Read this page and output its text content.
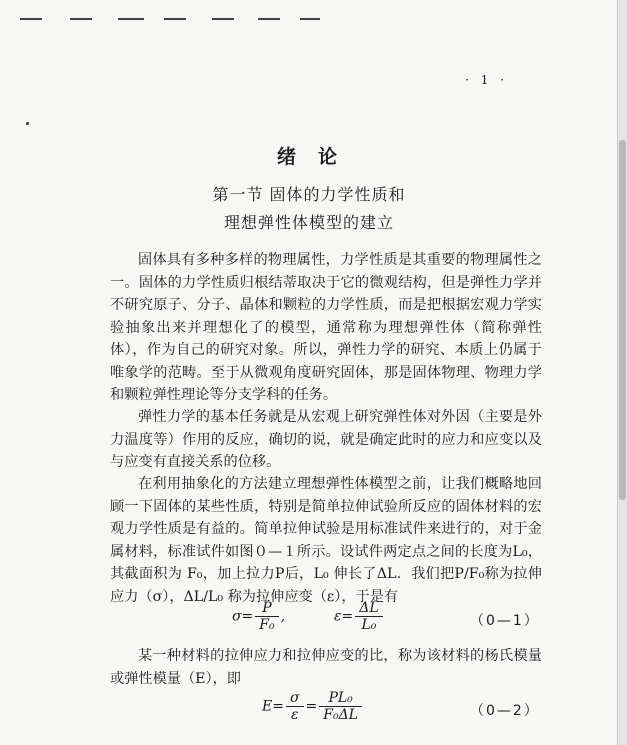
· 1 ·
绪论
第一节 固体的力学性质和
理想弹性体模型的建立

固体具有多种多样的物理属性，力学性质是其重要的物理属性之一。固体的力学性质归根结蒂取决于它的微观结构，但是弹性力学并不研究原子、分子、晶体和颗粒的力学性质，而是把根据宏观力学实验抽象出来并理想化了的模型，通常称为理想弹性体（简称弹性体），作为自己的研究对象。所以，弹性力学的研究、本质上仍属于唯象学的范畴。至于从微观角度研究固体，那是固体物理、物理力学和颗粒弹性理论等分支学科的任务。

弹性力学的基本任务就是从宏观上研究弹性体对外因（主要是外力温度等）作用的反应，确切的说，就是确定此时的应力和应变以及与应变有直接关系的位移。

在利用抽象化的方法建立理想弹性体模型之前，让我们概略地回顾一下固体的某些性质，特别是简单拉伸试验所反应的固体材料的宏观力学性质是有益的。简单拉伸试验是用标准试件来进行的，对于金属材料，标准试件如图０—１所示。设试件两定点之间的长度为L₀，其截面积为 F₀，加上拉力P后，L₀ 伸长了ΔL．我们把P/F₀称为拉伸应力（σ），ΔL/L₀ 称为拉伸应变（ε），于是有

$\sigma= \frac{P}{\text{F₀}}$ ,	$\varepsilon= \frac{\Delta L}{\text{L₀}}$	（0—1）

某一种材料的拉伸应力和拉伸应变的比，称为该材料的杨氏模量或弹性模量（E），即

$E= \frac{\sigma}{\varepsilon} = \frac{\text{PL₀}}{\text{F₀ΔL}}$	（0—2）
